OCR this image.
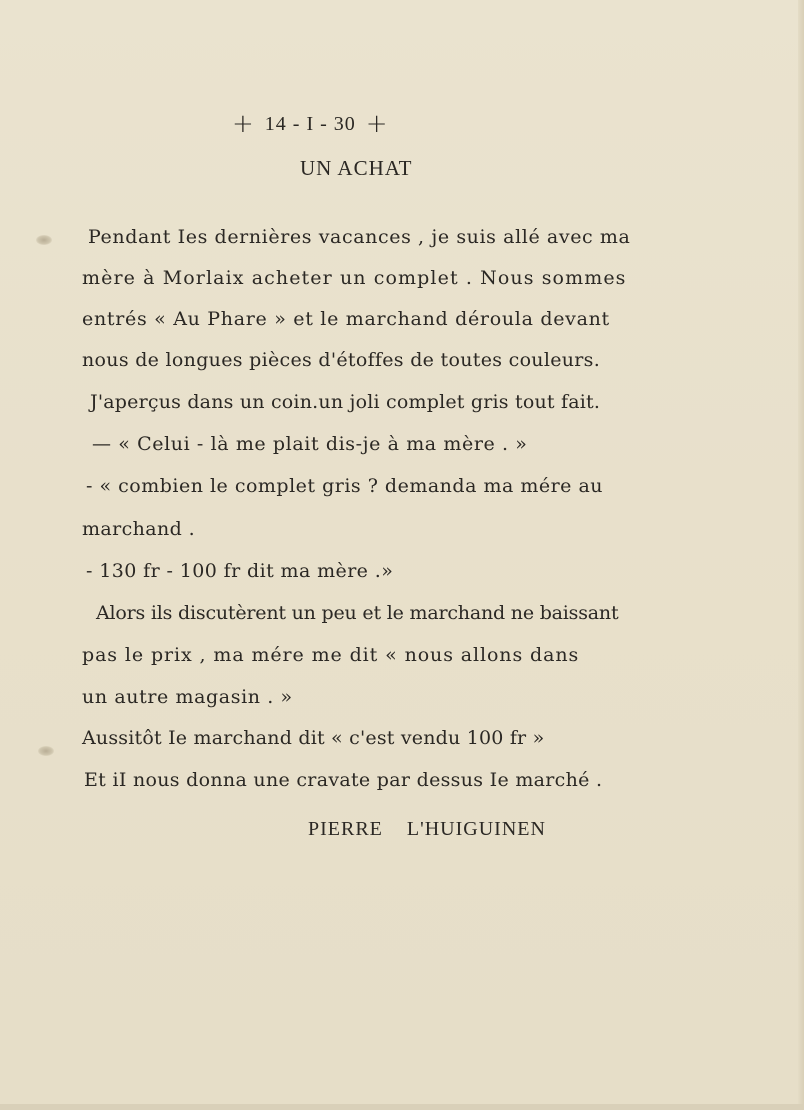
+ 14 - I - 30 +
UN ACHAT
Pendant Ies dernières vacances , je suis allé avec ma
mère à Morlaix acheter un complet . Nous sommes
entrés « Au Phare » et le marchand déroula devant
nous de longues pièces d'étoffes de toutes couleurs.
J'aperçus dans un coin.un joli complet gris tout fait.
— « Celui - là me plait dis-je à ma mère . »
- « combien le complet gris ? demanda ma mére au
marchand .
- 130 fr - 100 fr dit ma mère .»
Alors ils discutèrent un peu et le marchand ne baissant
pas le prix , ma mére me dit « nous allons dans
un autre magasin . »
Aussitôt Ie marchand dit « c'est vendu 100 fr »
Et iI nous donna une cravate par dessus Ie marché .
PIERRE L'HUIGUINEN
